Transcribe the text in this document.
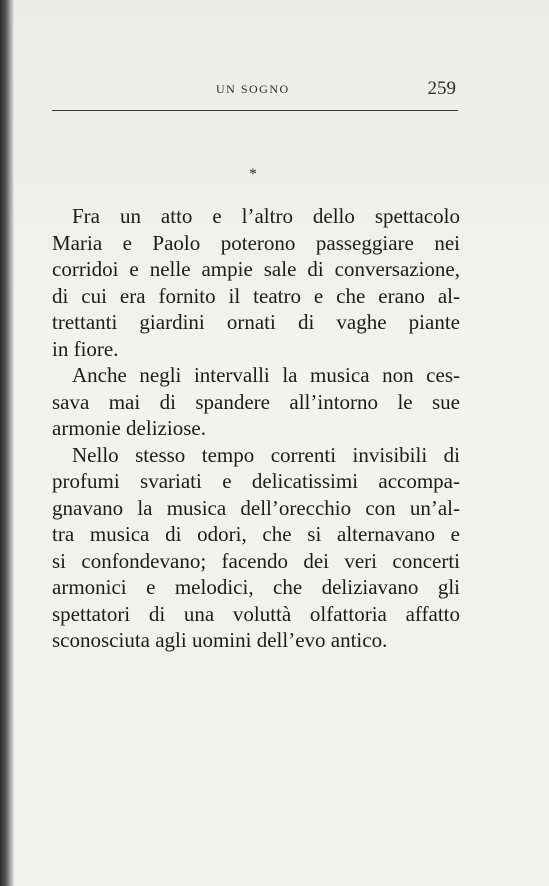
UN SOGNO	259
*
Fra un atto e l’altro dello spettacolo
Maria e Paolo poterono passeggiare nei
corridoi e nelle ampie sale di conversazione,
di cui era fornito il teatro e che erano al-
trettanti giardini ornati di vaghe piante
in fiore.
Anche negli intervalli la musica non ces-
sava mai di spandere all’intorno le sue
armonie deliziose.
Nello stesso tempo correnti invisibili di
profumi svariati e delicatissimi accompa-
gnavano la musica dell’orecchio con un’al-
tra musica di odori, che si alternavano e
si confondevano; facendo dei veri concerti
armonici e melodici, che deliziavano gli
spettatori di una voluttà olfattoria affatto
sconosciuta agli uomini dell’evo antico.
